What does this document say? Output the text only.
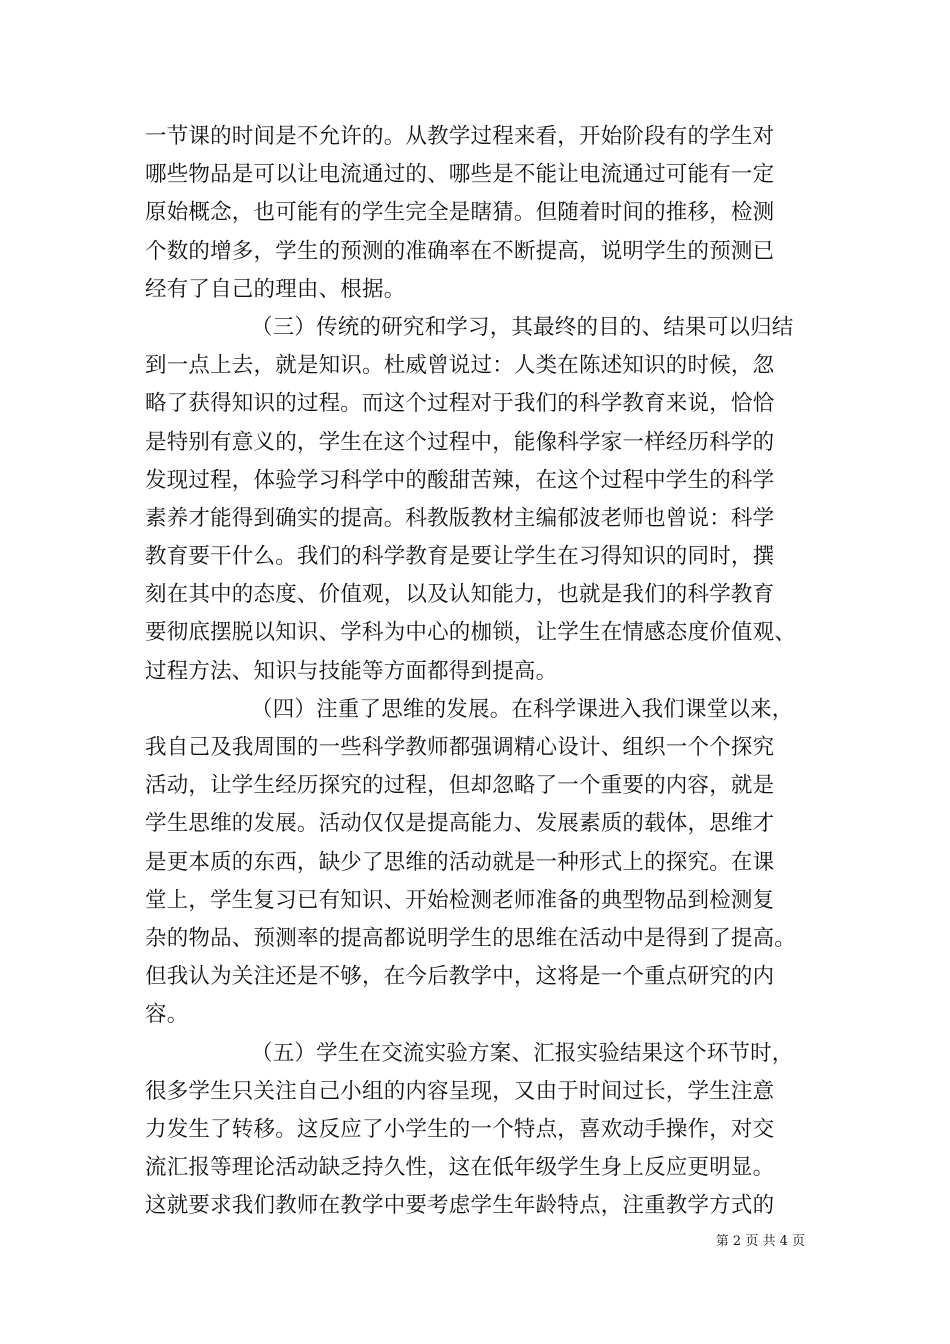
一节课的时间是不允许的。从教学过程来看，开始阶段有的学生对
哪些物品是可以让电流通过的、哪些是不能让电流通过可能有一定
原始概念，也可能有的学生完全是瞎猜。但随着时间的推移，检测
个数的增多，学生的预测的准确率在不断提高，说明学生的预测已
经有了自己的理由、根据。
（三）传统的研究和学习，其最终的目的、结果可以归结
到一点上去，就是知识。杜威曾说过：人类在陈述知识的时候，忽
略了获得知识的过程。而这个过程对于我们的科学教育来说，恰恰
是特别有意义的，学生在这个过程中，能像科学家一样经历科学的
发现过程，体验学习科学中的酸甜苦辣，在这个过程中学生的科学
素养才能得到确实的提高。科教版教材主编郁波老师也曾说：科学
教育要干什么。我们的科学教育是要让学生在习得知识的同时，撰
刻在其中的态度、价值观，以及认知能力，也就是我们的科学教育
要彻底摆脱以知识、学科为中心的枷锁，让学生在情感态度价值观、
过程方法、知识与技能等方面都得到提高。
（四）注重了思维的发展。在科学课进入我们课堂以来，
我自己及我周围的一些科学教师都强调精心设计、组织一个个探究
活动，让学生经历探究的过程，但却忽略了一个重要的内容，就是
学生思维的发展。活动仅仅是提高能力、发展素质的载体，思维才
是更本质的东西，缺少了思维的活动就是一种形式上的探究。在课
堂上，学生复习已有知识、开始检测老师准备的典型物品到检测复
杂的物品、预测率的提高都说明学生的思维在活动中是得到了提高。
但我认为关注还是不够，在今后教学中，这将是一个重点研究的内
容。
（五）学生在交流实验方案、汇报实验结果这个环节时，
很多学生只关注自己小组的内容呈现，又由于时间过长，学生注意
力发生了转移。这反应了小学生的一个特点，喜欢动手操作，对交
流汇报等理论活动缺乏持久性，这在低年级学生身上反应更明显。
这就要求我们教师在教学中要考虑学生年龄特点，注重教学方式的
第 2 页 共 4 页
